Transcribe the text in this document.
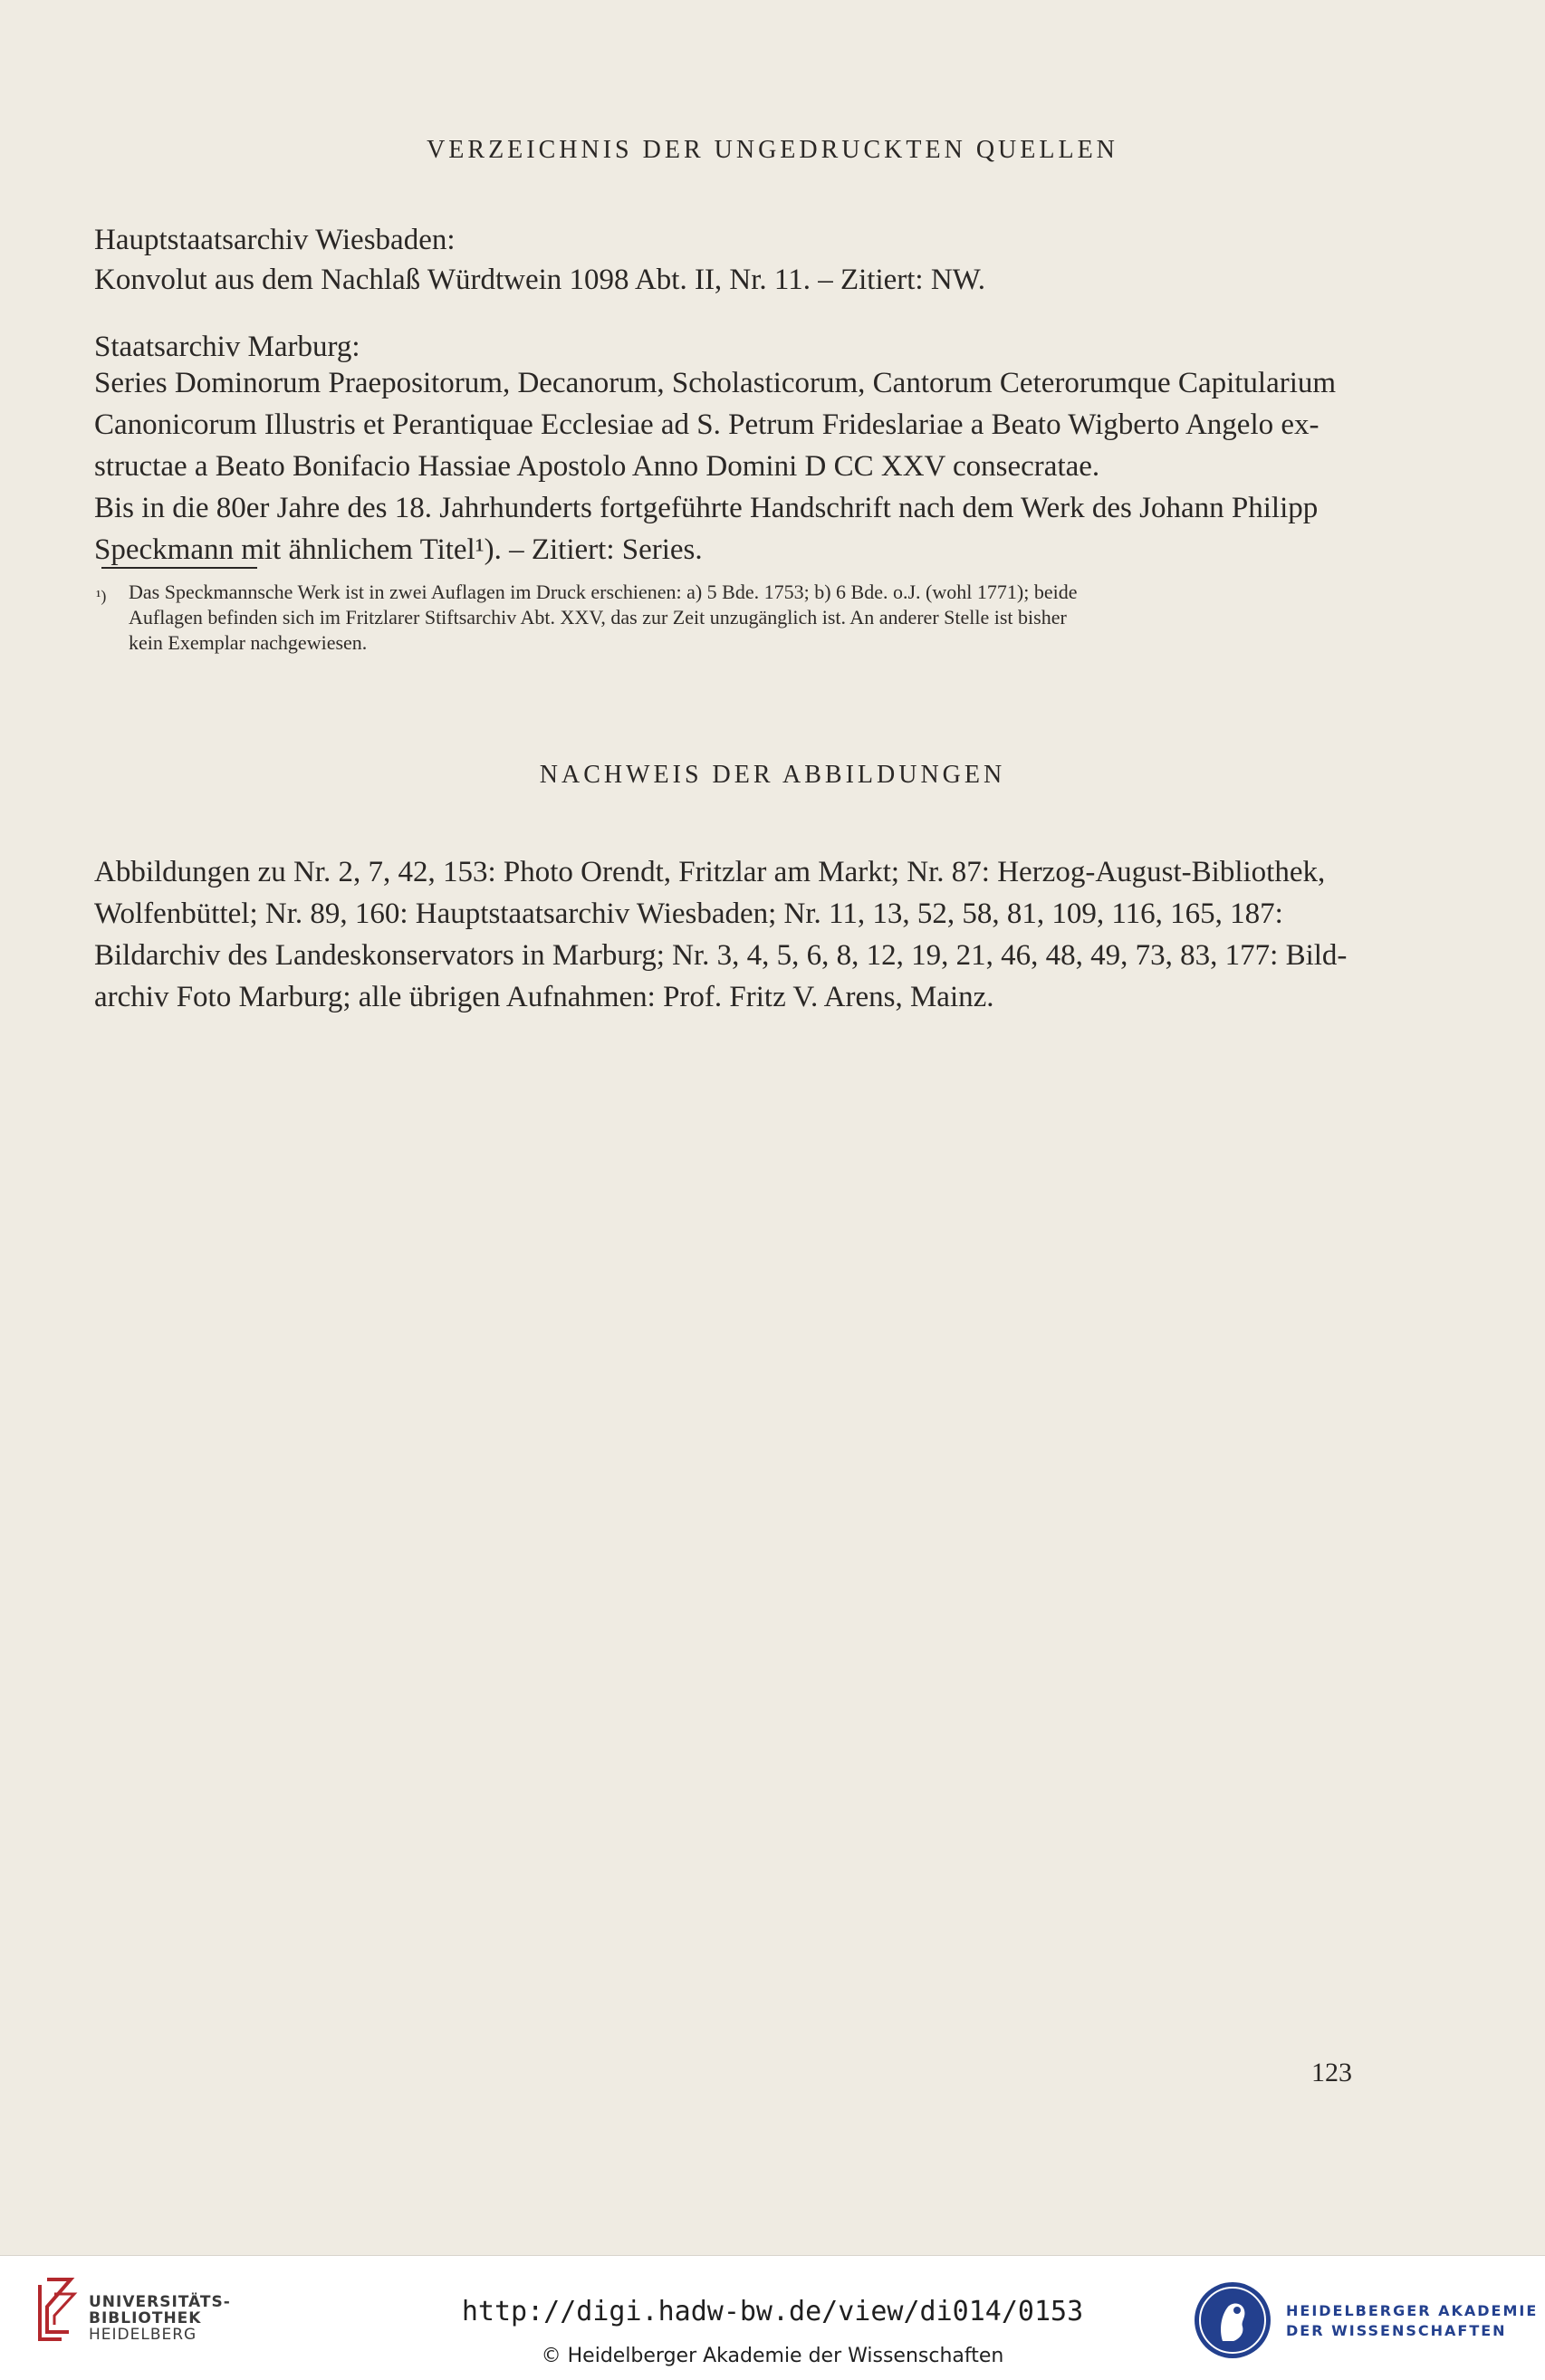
VERZEICHNIS DER UNGEDRUCKTEN QUELLEN
Hauptstaatsarchiv Wiesbaden:
Konvolut aus dem Nachlaß Würdtwein 1098 Abt. II, Nr. 11. – Zitiert: NW.
Staatsarchiv Marburg:
Series Dominorum Praepositorum, Decanorum, Scholasticorum, Cantorum Ceterorumque Capitularium
Canonicorum Illustris et Perantiquae Ecclesiae ad S. Petrum Frideslariae a Beato Wigberto Angelo ex-
structae a Beato Bonifacio Hassiae Apostolo Anno Domini D CC XXV consecratae.
Bis in die 80er Jahre des 18. Jahrhunderts fortgeführte Handschrift nach dem Werk des Johann Philipp
Speckmann mit ähnlichem Titel¹). – Zitiert: Series.
¹) Das Speckmannsche Werk ist in zwei Auflagen im Druck erschienen: a) 5 Bde. 1753; b) 6 Bde. o.J. (wohl 1771); beide
Auflagen befinden sich im Fritzlarer Stiftsarchiv Abt. XXV, das zur Zeit unzugänglich ist. An anderer Stelle ist bisher
kein Exemplar nachgewiesen.
NACHWEIS DER ABBILDUNGEN
Abbildungen zu Nr. 2, 7, 42, 153: Photo Orendt, Fritzlar am Markt; Nr. 87: Herzog-August-Bibliothek,
Wolfenbüttel; Nr. 89, 160: Hauptstaatsarchiv Wiesbaden; Nr. 11, 13, 52, 58, 81, 109, 116, 165, 187:
Bildarchiv des Landeskonservators in Marburg; Nr. 3, 4, 5, 6, 8, 12, 19, 21, 46, 48, 49, 73, 83, 177: Bild-
archiv Foto Marburg; alle übrigen Aufnahmen: Prof. Fritz V. Arens, Mainz.
123
UNIVERSITÄTS-
BIBLIOTHEK
HEIDELBERG
http://digi.hadw-bw.de/view/di014/0153
© Heidelberger Akademie der Wissenschaften
HEIDELBERGER AKADEMIE
DER WISSENSCHAFTEN
